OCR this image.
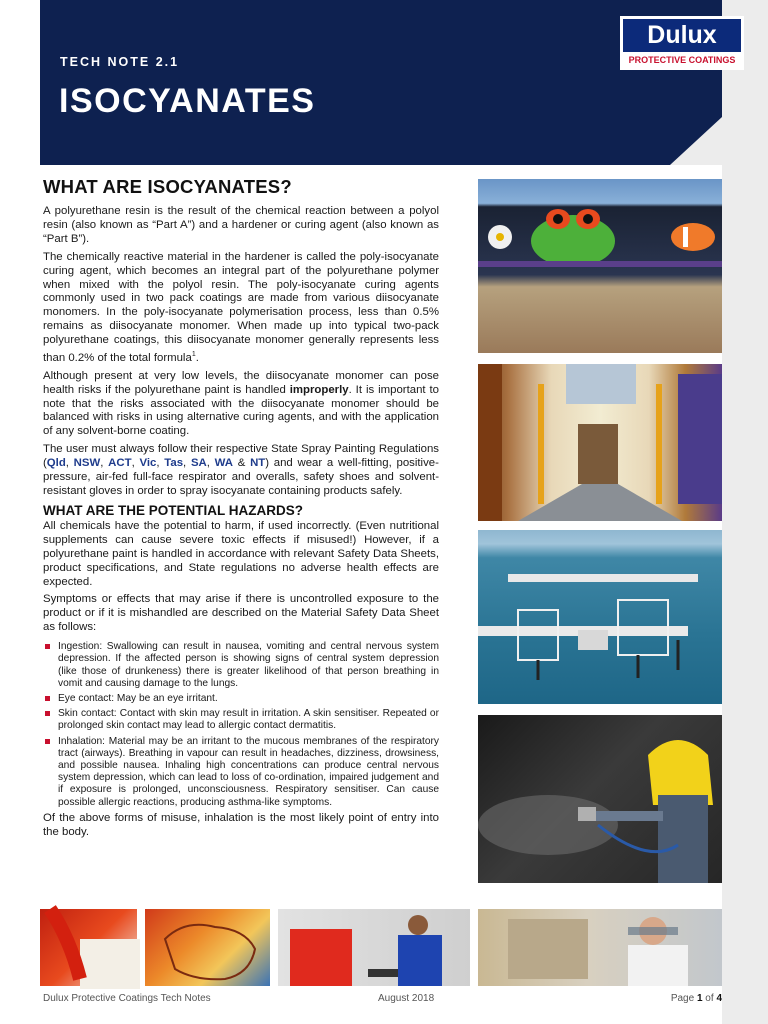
TECH NOTE 2.1
ISOCYANATES
Dulux
PROTECTIVE COATINGS
WHAT ARE ISOCYANATES?

A polyurethane resin is the result of the chemical reaction between a polyol resin (also known as “Part A”) and a hardener or curing agent (also known as “Part B”).

The chemically reactive material in the hardener is called the poly-isocyanate curing agent, which becomes an integral part of the polyurethane polymer when mixed with the polyol resin. The poly-isocyanate curing agents commonly used in two pack coatings are made from various diisocyanate monomers. In the poly-isocyanate polymerisation process, less than 0.5% remains as diisocyanate monomer. When made up into typical two-pack polyurethane coatings, this diisocyanate monomer generally represents less than 0.2% of the total formula$^1$.

Although present at very low levels, the diisocyanate monomer can pose health risks if the polyurethane paint is handled improperly. It is important to note that the risks associated with the diisocyanate monomer should be balanced with risks in using alternative curing agents, and with the application of any solvent-borne coating.

The user must always follow their respective State Spray Painting Regulations (Qld, NSW, ACT, Vic, Tas, SA, WA & NT) and wear a well-fitting, positive-pressure, air-fed full-face respirator and overalls, safety shoes and solvent-resistant gloves in order to spray isocyanate containing products safely.

WHAT ARE THE POTENTIAL HAZARDS?

All chemicals have the potential to harm, if used incorrectly. (Even nutritional supplements can cause severe toxic effects if misused!) However, if a polyurethane paint is handled in accordance with relevant Safety Data Sheets, product specifications, and State regulations no adverse health effects are expected.

Symptoms or effects that may arise if there is uncontrolled exposure to the product or if it is mishandled are described on the Material Safety Data Sheet as follows:

Ingestion: Swallowing can result in nausea, vomiting and central nervous system depression. If the affected person is showing signs of central system depression (like those of drunkeness) there is greater likelihood of that person breathing in vomit and causing damage to the lungs.
Eye contact: May be an eye irritant.
Skin contact: Contact with skin may result in irritation. A skin sensitiser. Repeated or prolonged skin contact may lead to allergic contact dermatitis.
Inhalation: Material may be an irritant to the mucous membranes of the respiratory tract (airways). Breathing in vapour can result in headaches, dizziness, drowsiness, and possible nausea. Inhaling high concentrations can produce central nervous system depression, which can lead to loss of co-ordination, impaired judgement and if exposure is prolonged, unconsciousness. Respiratory sensitiser. Can cause possible allergic reactions, producing asthma-like symptoms.

Of the above forms of misuse, inhalation is the most likely point of entry into the body.

Dulux Protective Coatings Tech Notes	August 2018	Page 1 of 4
